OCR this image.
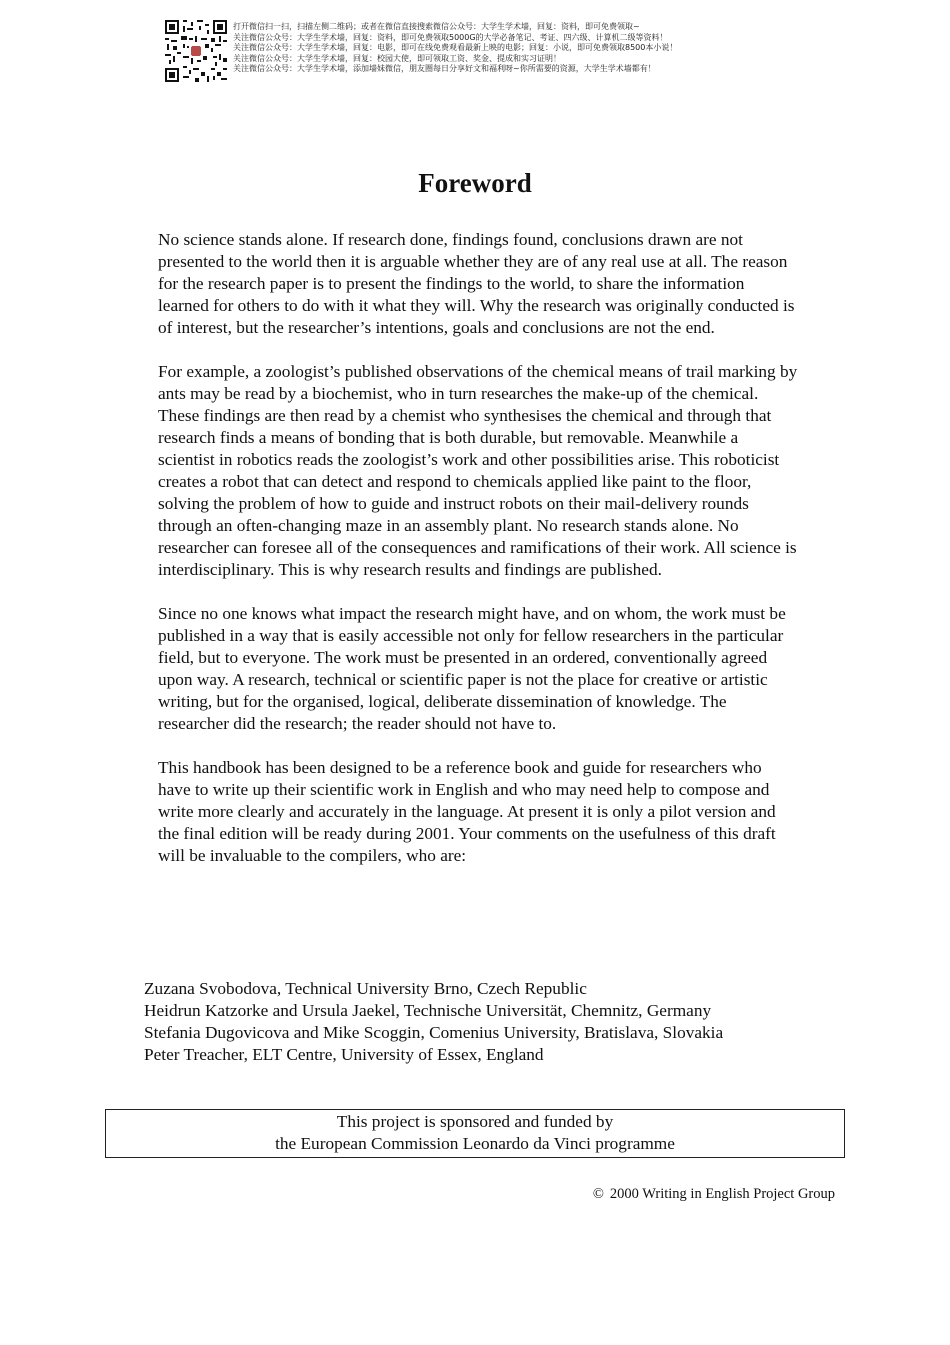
打开微信扫一扫，扫描左侧二维码；或者在微信直接搜索微信公众号：大学生学术墙，回复：资料，即可免费领取~
关注微信公众号：大学生学术墙，回复：资料，即可免费领取5000G的大学必备笔记、考证、四六级、计算机二级等资料！
关注微信公众号：大学生学术墙，回复：电影，即可在线免费观看最新上映的电影；回复：小说，即可免费领取8500本小说！
关注微信公众号：大学生学术墙，回复：校园大使，即可领取工资、奖金、提成和实习证明！
关注微信公众号：大学生学术墙，添加墙妹微信，朋友圈每日分享好文和福利呀~你所需要的资源，大学生学术墙都有！
Foreword

No science stands alone. If research done, findings found, conclusions drawn are not presented to the world then it is arguable whether they are of any real use at all. The reason for the research paper is to present the findings to the world, to share the information learned for others to do with it what they will. Why the research was originally conducted is of interest, but the researcher’s intentions, goals and conclusions are not the end.

For example, a zoologist’s published observations of the chemical means of trail marking by ants may be read by a biochemist, who in turn researches the make-up of the chemical. These findings are then read by a chemist who synthesises the chemical and through that research finds a means of bonding that is both durable, but removable. Meanwhile a scientist in robotics reads the zoologist’s work and other possibilities arise. This roboticist creates a robot that can detect and respond to chemicals applied like paint to the floor, solving the problem of how to guide and instruct robots on their mail-delivery rounds through an often-changing maze in an assembly plant. No research stands alone. No researcher can foresee all of the consequences and ramifications of their work. All science is interdisciplinary. This is why research results and findings are published.

Since no one knows what impact the research might have, and on whom, the work must be published in a way that is easily accessible not only for fellow researchers in the particular field, but to everyone. The work must be presented in an ordered, conventionally agreed upon way. A research, technical or scientific paper is not the place for creative or artistic writing, but for the organised, logical, deliberate dissemination of knowledge. The researcher did the research; the reader should not have to.

This handbook has been designed to be a reference book and guide for researchers who have to write up their scientific work in English and who may need help to compose and write more clearly and accurately in the language. At present it is only a pilot version and the final edition will be ready during 2001. Your comments on the usefulness of this draft will be invaluable to the compilers, who are:

Zuzana Svobodova, Technical University Brno, Czech Republic
Heidrun Katzorke and Ursula Jaekel, Technische Universität, Chemnitz, Germany
Stefania Dugovicova and Mike Scoggin, Comenius University, Bratislava, Slovakia
Peter Treacher, ELT Centre, University of Essex, England
This project is sponsored and funded by
the European Commission Leonardo da Vinci programme
© 2000 Writing in English Project Group
